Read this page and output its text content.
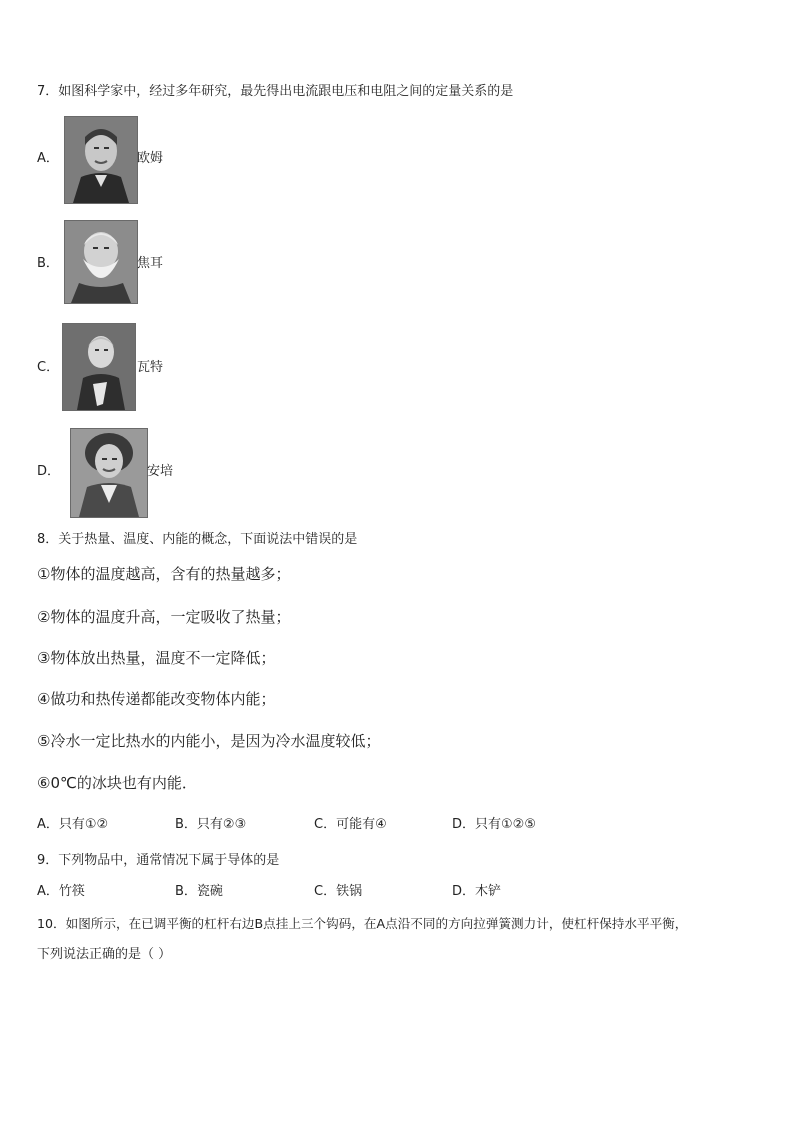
7．如图科学家中，经过多年研究，最先得出电流跟电压和电阻之间的定量关系的是
A．	欧姆
B．	焦耳
C．	瓦特
D．	安培
8．关于热量、温度、内能的概念，下面说法中错误的是
①物体的温度越高，含有的热量越多；
②物体的温度升高，一定吸收了热量；
③物体放出热量，温度不一定降低；
④做功和热传递都能改变物体内能；
⑤冷水一定比热水的内能小，是因为冷水温度较低；
⑥0℃的冰块也有内能．
A．只有①②	B．只有②③	C．可能有④	D．只有①②⑤
9．下列物品中，通常情况下属于导体的是
A．竹筷	B．瓷碗	C．铁锅	D．木铲
10．如图所示，在已调平衡的杠杆右边B点挂上三个钩码，在A点沿不同的方向拉弹簧测力计，使杠杆保持水平平衡，
下列说法正确的是（ ）
